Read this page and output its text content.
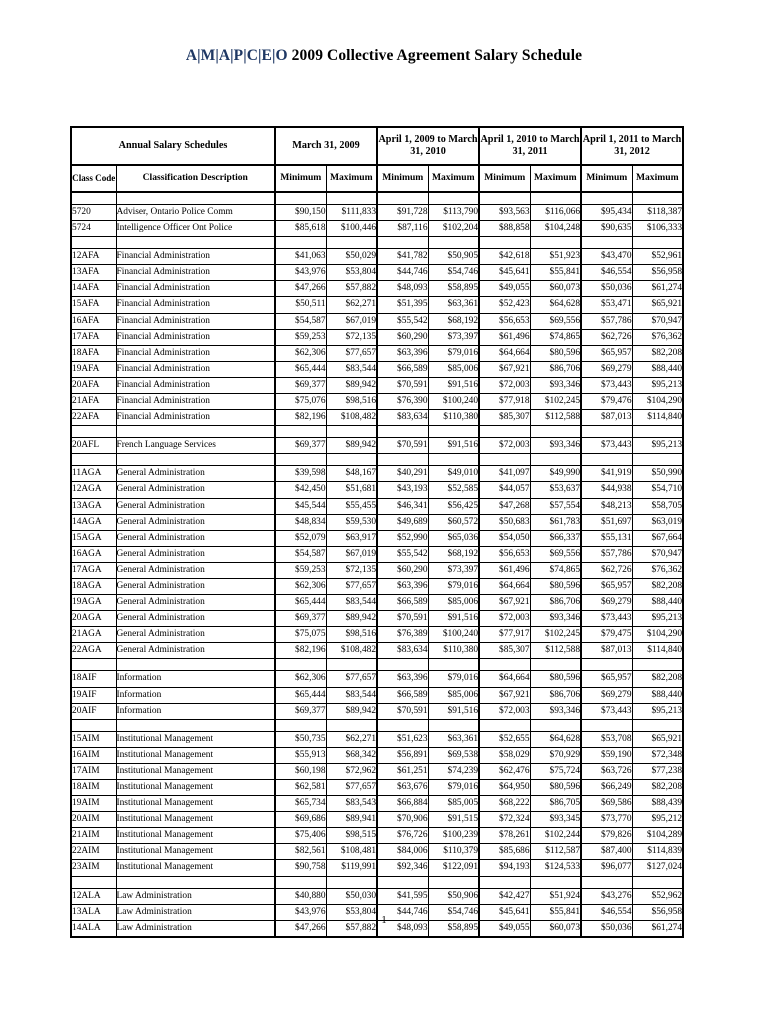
A|M|A|P|C|E|O 2009 Collective Agreement Salary Schedule
Annual Salary Schedules		March 31, 2009		April 1, 2009 to March 31, 2010		April 1, 2010 to March 31, 2011		April 1, 2011 to March 31, 2012	
Class Code	Classification Description	Minimum	Maximum	Minimum	Maximum	Minimum	Maximum	Minimum	Maximum

5720	Adviser, Ontario Police Comm	$90,150	$111,833	$91,728	$113,790	$93,563	$116,066	$95,434	$118,387
5724	Intelligence Officer Ont Police	$85,618	$100,446	$87,116	$102,204	$88,858	$104,248	$90,635	$106,333

12AFA	Financial Administration	$41,063	$50,029	$41,782	$50,905	$42,618	$51,923	$43,470	$52,961
13AFA	Financial Administration	$43,976	$53,804	$44,746	$54,746	$45,641	$55,841	$46,554	$56,958
14AFA	Financial Administration	$47,266	$57,882	$48,093	$58,895	$49,055	$60,073	$50,036	$61,274
15AFA	Financial Administration	$50,511	$62,271	$51,395	$63,361	$52,423	$64,628	$53,471	$65,921
16AFA	Financial Administration	$54,587	$67,019	$55,542	$68,192	$56,653	$69,556	$57,786	$70,947
17AFA	Financial Administration	$59,253	$72,135	$60,290	$73,397	$61,496	$74,865	$62,726	$76,362
18AFA	Financial Administration	$62,306	$77,657	$63,396	$79,016	$64,664	$80,596	$65,957	$82,208
19AFA	Financial Administration	$65,444	$83,544	$66,589	$85,006	$67,921	$86,706	$69,279	$88,440
20AFA	Financial Administration	$69,377	$89,942	$70,591	$91,516	$72,003	$93,346	$73,443	$95,213
21AFA	Financial Administration	$75,076	$98,516	$76,390	$100,240	$77,918	$102,245	$79,476	$104,290
22AFA	Financial Administration	$82,196	$108,482	$83,634	$110,380	$85,307	$112,588	$87,013	$114,840

20AFL	French Language Services	$69,377	$89,942	$70,591	$91,516	$72,003	$93,346	$73,443	$95,213

11AGA	General Administration	$39,598	$48,167	$40,291	$49,010	$41,097	$49,990	$41,919	$50,990
12AGA	General Administration	$42,450	$51,681	$43,193	$52,585	$44,057	$53,637	$44,938	$54,710
13AGA	General Administration	$45,544	$55,455	$46,341	$56,425	$47,268	$57,554	$48,213	$58,705
14AGA	General Administration	$48,834	$59,530	$49,689	$60,572	$50,683	$61,783	$51,697	$63,019
15AGA	General Administration	$52,079	$63,917	$52,990	$65,036	$54,050	$66,337	$55,131	$67,664
16AGA	General Administration	$54,587	$67,019	$55,542	$68,192	$56,653	$69,556	$57,786	$70,947
17AGA	General Administration	$59,253	$72,135	$60,290	$73,397	$61,496	$74,865	$62,726	$76,362
18AGA	General Administration	$62,306	$77,657	$63,396	$79,016	$64,664	$80,596	$65,957	$82,208
19AGA	General Administration	$65,444	$83,544	$66,589	$85,006	$67,921	$86,706	$69,279	$88,440
20AGA	General Administration	$69,377	$89,942	$70,591	$91,516	$72,003	$93,346	$73,443	$95,213
21AGA	General Administration	$75,075	$98,516	$76,389	$100,240	$77,917	$102,245	$79,475	$104,290
22AGA	General Administration	$82,196	$108,482	$83,634	$110,380	$85,307	$112,588	$87,013	$114,840

18AIF	Information	$62,306	$77,657	$63,396	$79,016	$64,664	$80,596	$65,957	$82,208
19AIF	Information	$65,444	$83,544	$66,589	$85,006	$67,921	$86,706	$69,279	$88,440
20AIF	Information	$69,377	$89,942	$70,591	$91,516	$72,003	$93,346	$73,443	$95,213

15AIM	Institutional Management	$50,735	$62,271	$51,623	$63,361	$52,655	$64,628	$53,708	$65,921
16AIM	Institutional Management	$55,913	$68,342	$56,891	$69,538	$58,029	$70,929	$59,190	$72,348
17AIM	Institutional Management	$60,198	$72,962	$61,251	$74,239	$62,476	$75,724	$63,726	$77,238
18AIM	Institutional Management	$62,581	$77,657	$63,676	$79,016	$64,950	$80,596	$66,249	$82,208
19AIM	Institutional Management	$65,734	$83,543	$66,884	$85,005	$68,222	$86,705	$69,586	$88,439
20AIM	Institutional Management	$69,686	$89,941	$70,906	$91,515	$72,324	$93,345	$73,770	$95,212
21AIM	Institutional Management	$75,406	$98,515	$76,726	$100,239	$78,261	$102,244	$79,826	$104,289
22AIM	Institutional Management	$82,561	$108,481	$84,006	$110,379	$85,686	$112,587	$87,400	$114,839
23AIM	Institutional Management	$90,758	$119,991	$92,346	$122,091	$94,193	$124,533	$96,077	$127,024

12ALA	Law Administration	$40,880	$50,030	$41,595	$50,906	$42,427	$51,924	$43,276	$52,962
13ALA	Law Administration	$43,976	$53,804	$44,746	$54,746	$45,641	$55,841	$46,554	$56,958
14ALA	Law Administration	$47,266	$57,882	$48,093	$58,895	$49,055	$60,073	$50,036	$61,274
1
